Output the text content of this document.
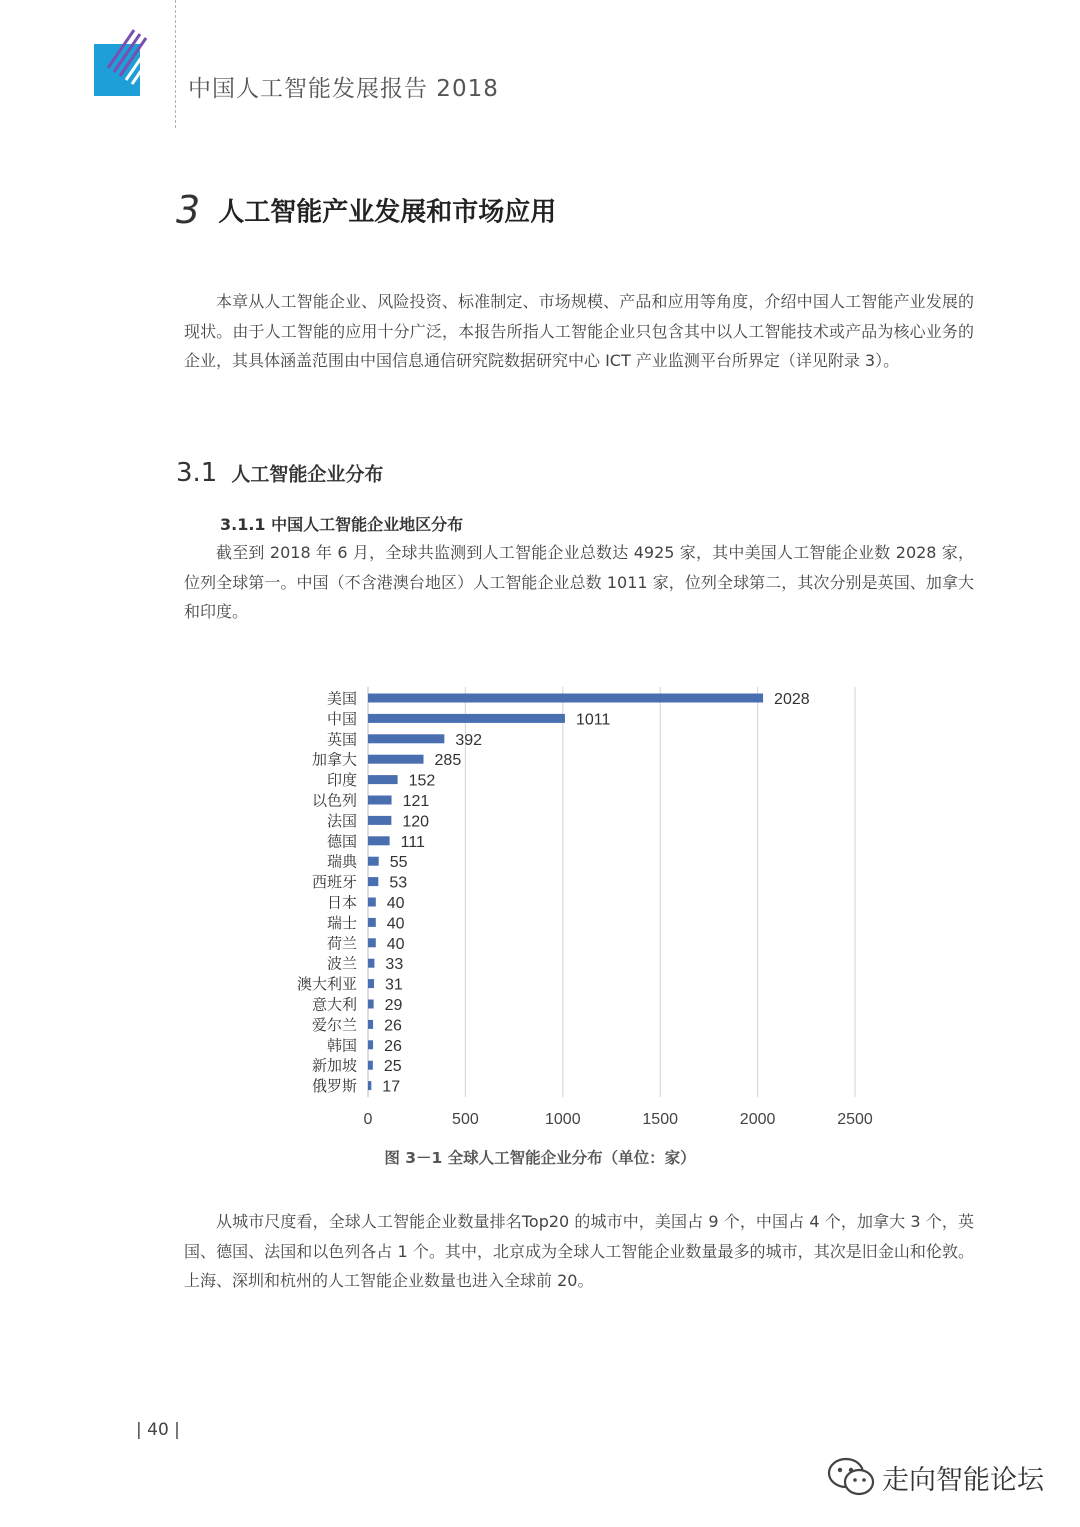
中国人工智能发展报告 2018
3 人工智能产业发展和市场应用

本章从人工智能企业、风险投资、标准制定、市场规模、产品和应用等角度，介绍中国人工智能产业发展的现状。由于人工智能的应用十分广泛，本报告所指人工智能企业只包含其中以人工智能技术或产品为核心业务的企业，其具体涵盖范围由中国信息通信研究院数据研究中心 ICT 产业监测平台所界定（详见附录 3）。

3.1 人工智能企业分布
3.1.1 中国人工智能企业地区分布

截至到 2018 年 6 月，全球共监测到人工智能企业总数达 4925 家，其中美国人工智能企业数 2028 家，位列全球第一。中国（不含港澳台地区）人工智能企业总数 1011 家，位列全球第二，其次分别是英国、加拿大和印度。

0	500	1000	1500	2000	2500
美国	2028
中国	1011
英国	392
加拿大	285
印度	152
以色列	121
法国	120
德国	111
瑞典 55
西班牙 53
日本 40
瑞士 40
荷兰 40
波兰 33
澳大利亚 31
意大利 29
爱尔兰 26
韩国 26
新加坡 25
俄罗斯 17
图 3－1 全球人工智能企业分布（单位：家）

从城市尺度看，全球人工智能企业数量排名Top20 的城市中，美国占 9 个，中国占 4 个，加拿大 3 个，英国、德国、法国和以色列各占 1 个。其中，北京成为全球人工智能企业数量最多的城市，其次是旧金山和伦敦。上海、深圳和杭州的人工智能企业数量也进入全球前 20。

| 40 |
走向智能论坛
